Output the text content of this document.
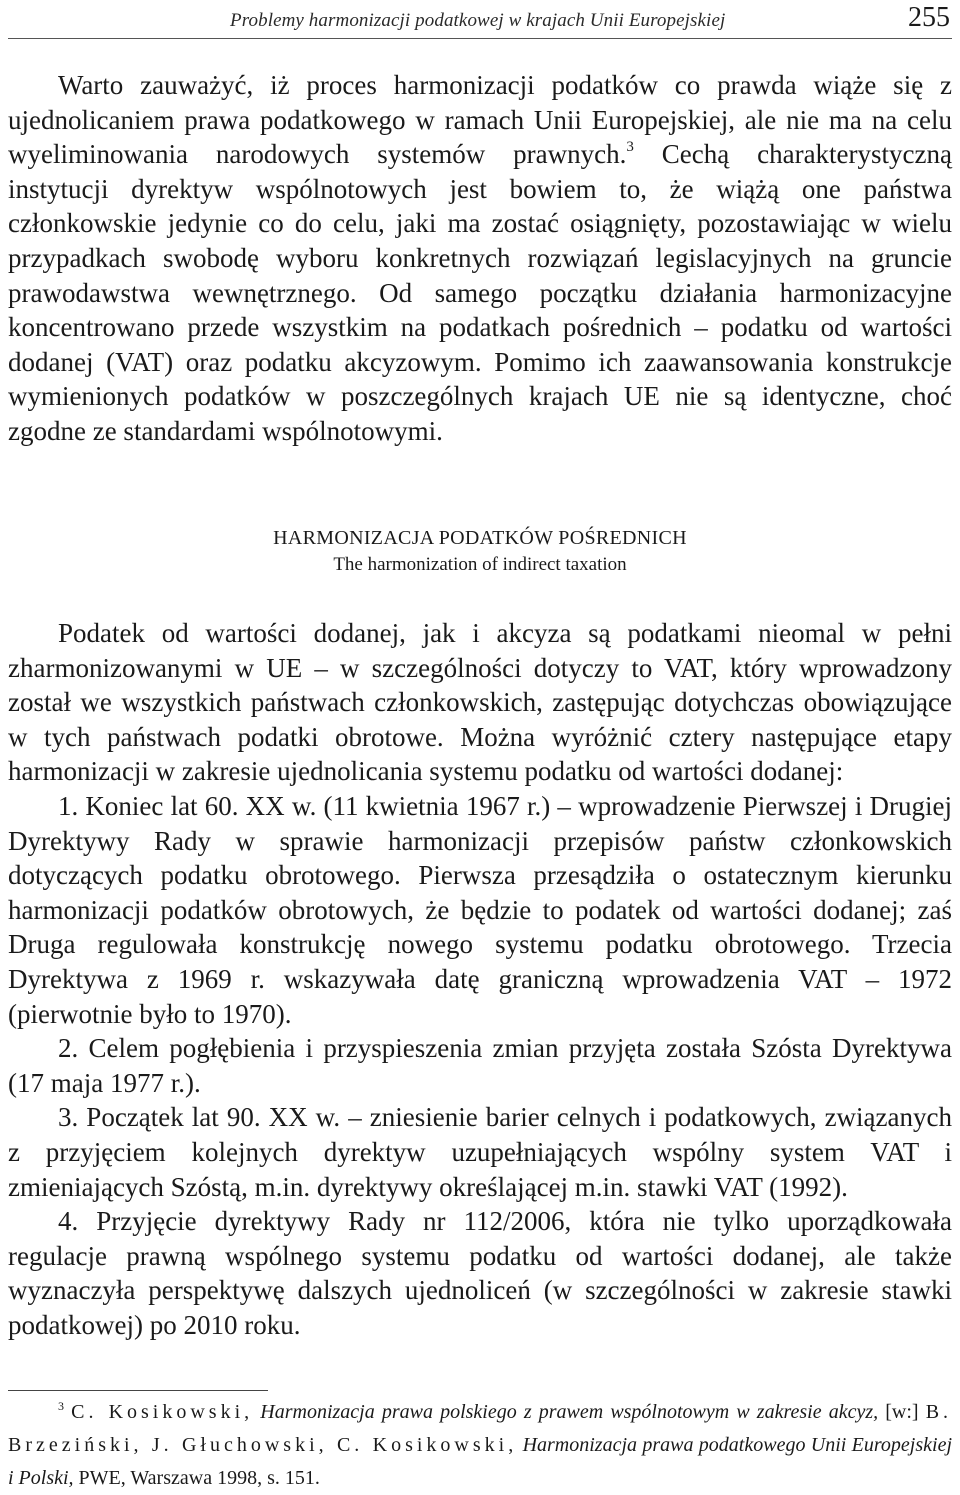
Problemy harmonizacji podatkowej w krajach Unii Europejskiej	255

Warto zauważyć, iż proces harmonizacji podatków co prawda wiąże się z ujednolicaniem prawa podatkowego w ramach Unii Europejskiej, ale nie ma na celu wyeliminowania narodowych systemów prawnych.$^3$ Cechą charakterystyczną instytucji dyrektyw wspólnotowych jest bowiem to, że wiążą one państwa członkowskie jedynie co do celu, jaki ma zostać osiągnięty, pozostawiając w wielu przypadkach swobodę wyboru konkretnych rozwiązań legislacyjnych na gruncie prawodawstwa wewnętrznego. Od samego początku działania harmonizacyjne koncentrowano przede wszystkim na podatkach pośrednich – podatku od wartości dodanej (VAT) oraz podatku akcyzowym. Pomimo ich zaawansowania konstrukcje wymienionych podatków w poszczególnych krajach UE nie są identyczne, choć zgodne ze standardami wspólnotowymi.

HARMONIZACJA PODATKÓW POŚREDNICH

The harmonization of indirect taxation

Podatek od wartości dodanej, jak i akcyza są podatkami nieomal w pełni zharmonizowanymi w UE – w szczególności dotyczy to VAT, który wprowadzony został we wszystkich państwach członkowskich, zastępując dotychczas obowiązujące w tych państwach podatki obrotowe. Można wyróżnić cztery następujące etapy harmonizacji w zakresie ujednolicania systemu podatku od wartości dodanej:

1. Koniec lat 60. XX w. (11 kwietnia 1967 r.) – wprowadzenie Pierwszej i Drugiej Dyrektywy Rady w sprawie harmonizacji przepisów państw członkowskich dotyczących podatku obrotowego. Pierwsza przesądziła o ostatecznym kierunku harmonizacji podatków obrotowych, że będzie to podatek od wartości dodanej; zaś Druga regulowała konstrukcję nowego systemu podatku obrotowego. Trzecia Dyrektywa z 1969 r. wskazywała datę graniczną wprowadzenia VAT – 1972 (pierwotnie było to 1970).

2. Celem pogłębienia i przyspieszenia zmian przyjęta została Szósta Dyrektywa (17 maja 1977 r.).

3. Początek lat 90. XX w. – zniesienie barier celnych i podatkowych, związanych z przyjęciem kolejnych dyrektyw uzupełniających wspólny system VAT i zmieniających Szóstą, m.in. dyrektywy określającej m.in. stawki VAT (1992).

4. Przyjęcie dyrektywy Rady nr 112/2006, która nie tylko uporządkowała regulacje prawną wspólnego systemu podatku od wartości dodanej, ale także wyznaczyła perspektywę dalszych ujednoliceń (w szczególności w zakresie stawki podatkowej) po 2010 roku.

$^3$ C. Kosikowski, Harmonizacja prawa polskiego z prawem wspólnotowym w zakresie akcyz, [w:] B. Brzeziński, J. Głuchowski, C. Kosikowski, Harmonizacja prawa podatkowego Unii Europejskiej i Polski, PWE, Warszawa 1998, s. 151.
